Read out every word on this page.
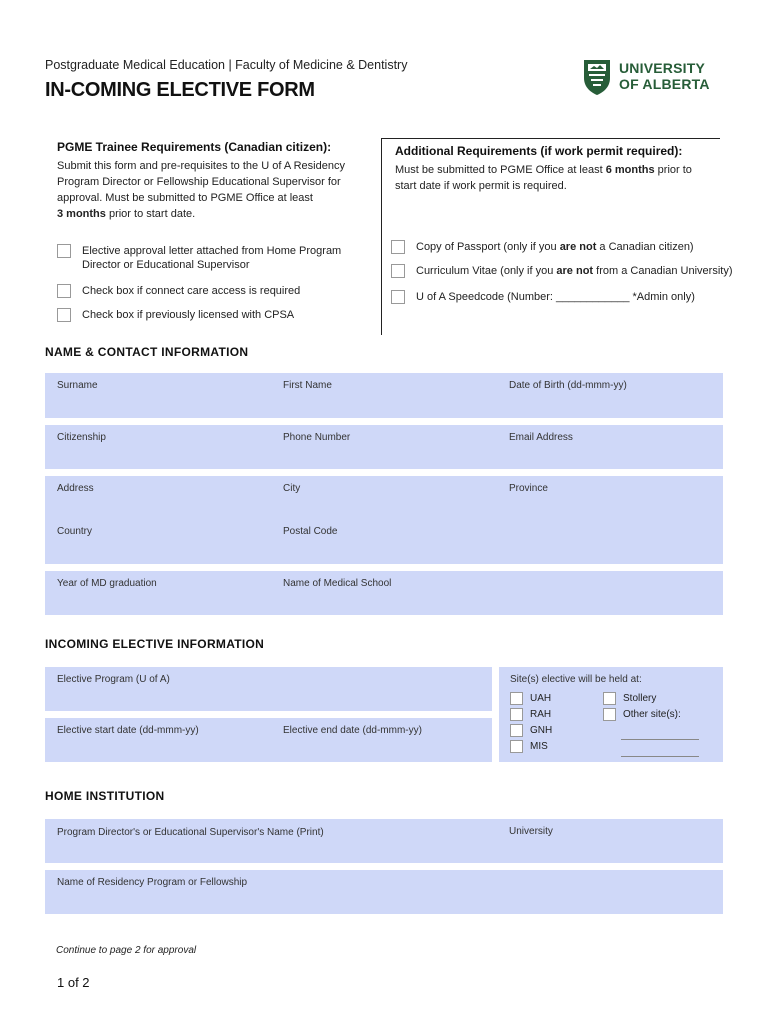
Postgraduate Medical Education | Faculty of Medicine & Dentistry
IN-COMING ELECTIVE FORM
UNIVERSITY
OF ALBERTA
PGME Trainee Requirements (Canadian citizen):
Submit this form and pre-requisites to the U of A Residency Program Director or Fellowship Educational Supervisor for approval. Must be submitted to PGME Office at least
3 months prior to start date.
Elective approval letter attached from Home Program Director or Educational Supervisor
Check box if connect care access is required
Check box if previously licensed with CPSA
Additional Requirements (if work permit required):
Must be submitted to PGME Office at least 6 months prior to start date if work permit is required.
Copy of Passport (only if you are not a Canadian citizen)
Curriculum Vitae (only if you are not from a Canadian University)
U of A Speedcode (Number: ____________ *Admin only)
NAME & CONTACT INFORMATION
Surname	First Name	Date of Birth (dd-mmm-yy)
Citizenship	Phone Number	Email Address
Address	City	Province
Country	Postal Code
Year of MD graduation	Name of Medical School
INCOMING ELECTIVE INFORMATION
Elective Program (U of A)
Elective start date (dd-mmm-yy)	Elective end date (dd-mmm-yy)
Site(s) elective will be held at:
UAH
RAH
GNH
MIS
Stollery
Other site(s):
HOME INSTITUTION
Program Director's or Educational Supervisor's Name (Print)	University
Name of Residency Program or Fellowship
Continue to page 2 for approval
1 of 2
